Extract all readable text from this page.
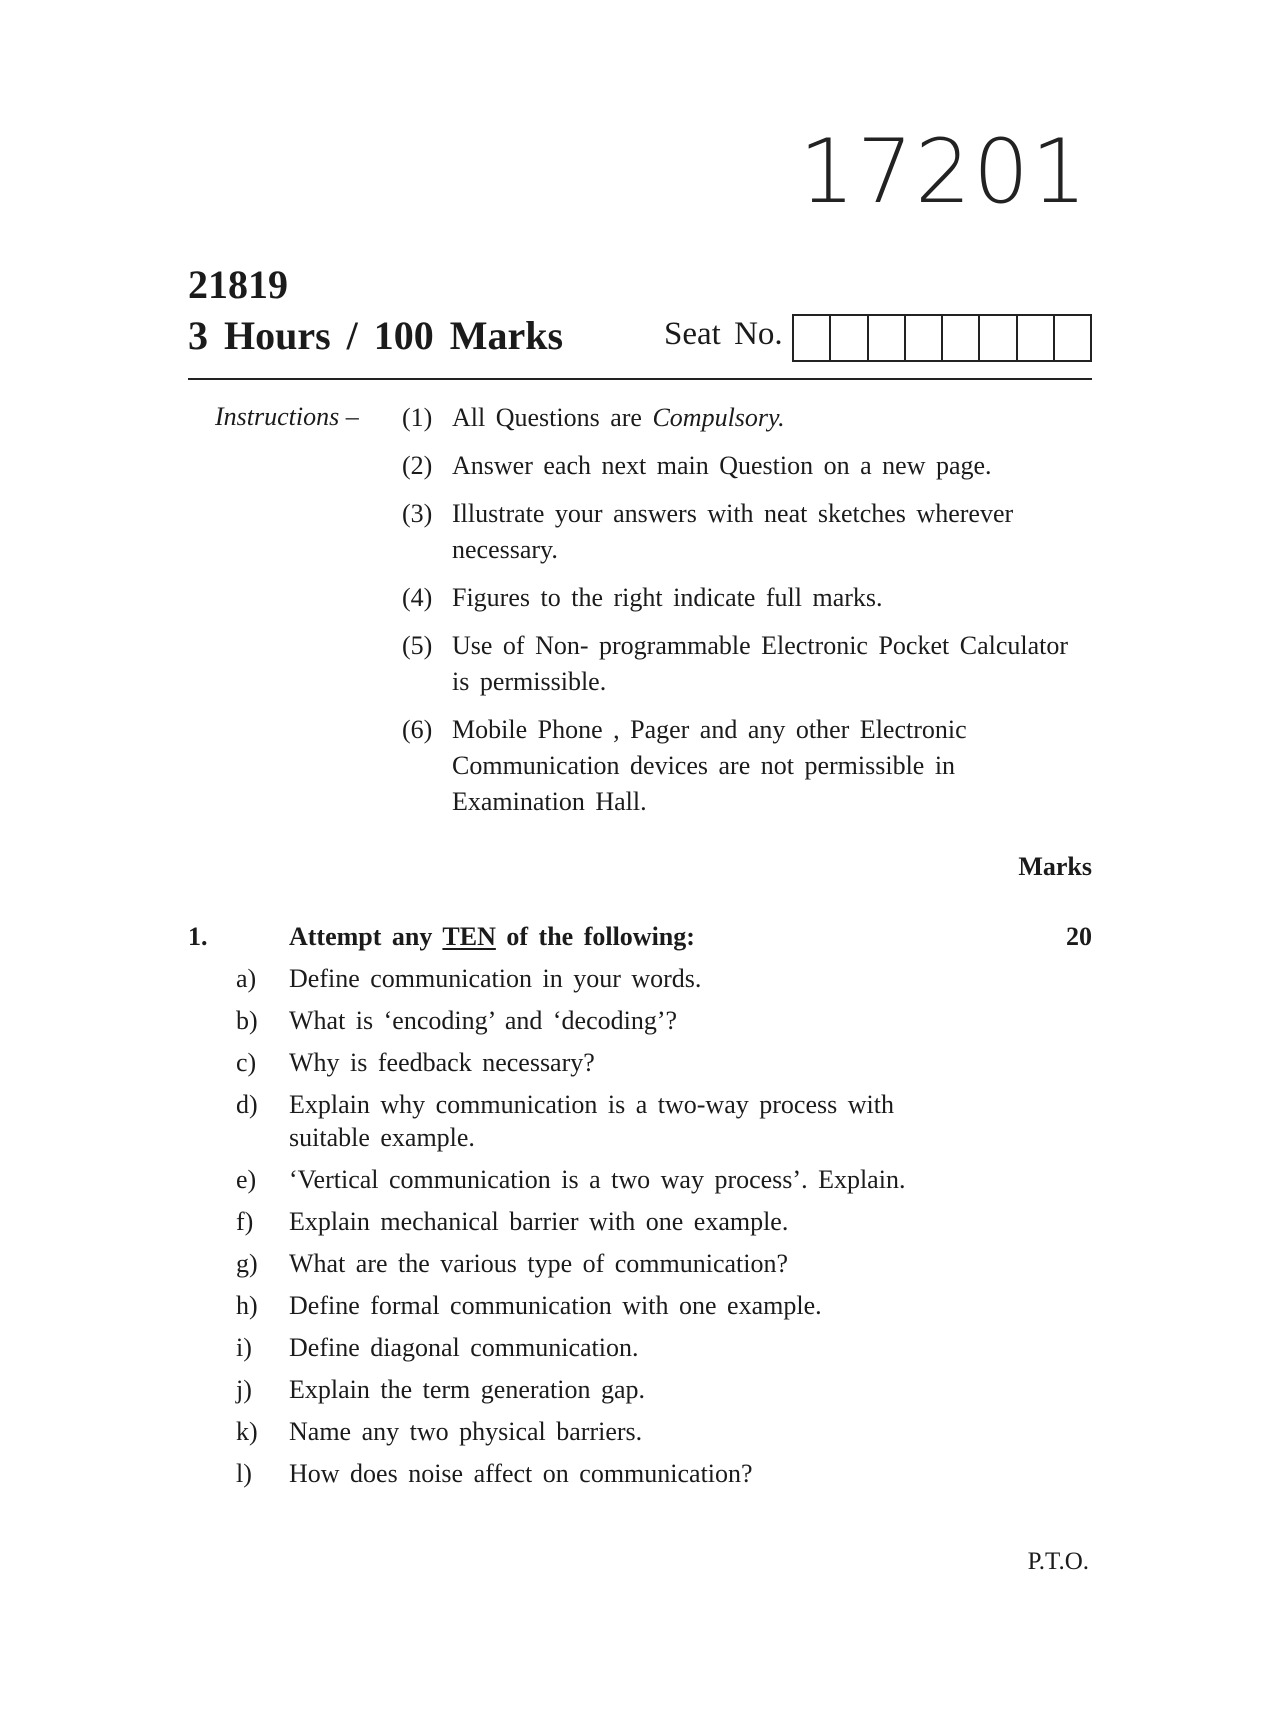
17201
21819
3 Hours / 100 Marks	Seat No.
Instructions – (1) All Questions are Compulsory.
(2) Answer each next main Question on a new page.
(3) Illustrate your answers with neat sketches wherever necessary.
(4) Figures to the right indicate full marks.
(5) Use of Non- programmable Electronic Pocket Calculator is permissible.
(6) Mobile Phone , Pager and any other Electronic Communication devices are not permissible in Examination Hall.
Marks
1.	Attempt any TEN of the following:	20
a)	Define communication in your words.
b)	What is ‘encoding’ and ‘decoding’?
c)	Why is feedback necessary?
d)	Explain why communication is a two-way process with suitable example.
e)	‘Vertical communication is a two way process’. Explain.
f)	Explain mechanical barrier with one example.
g)	What are the various type of communication?
h)	Define formal communication with one example.
i)	Define diagonal communication.
j)	Explain the term generation gap.
k)	Name any two physical barriers.
l)	How does noise affect on communication?
P.T.O.
